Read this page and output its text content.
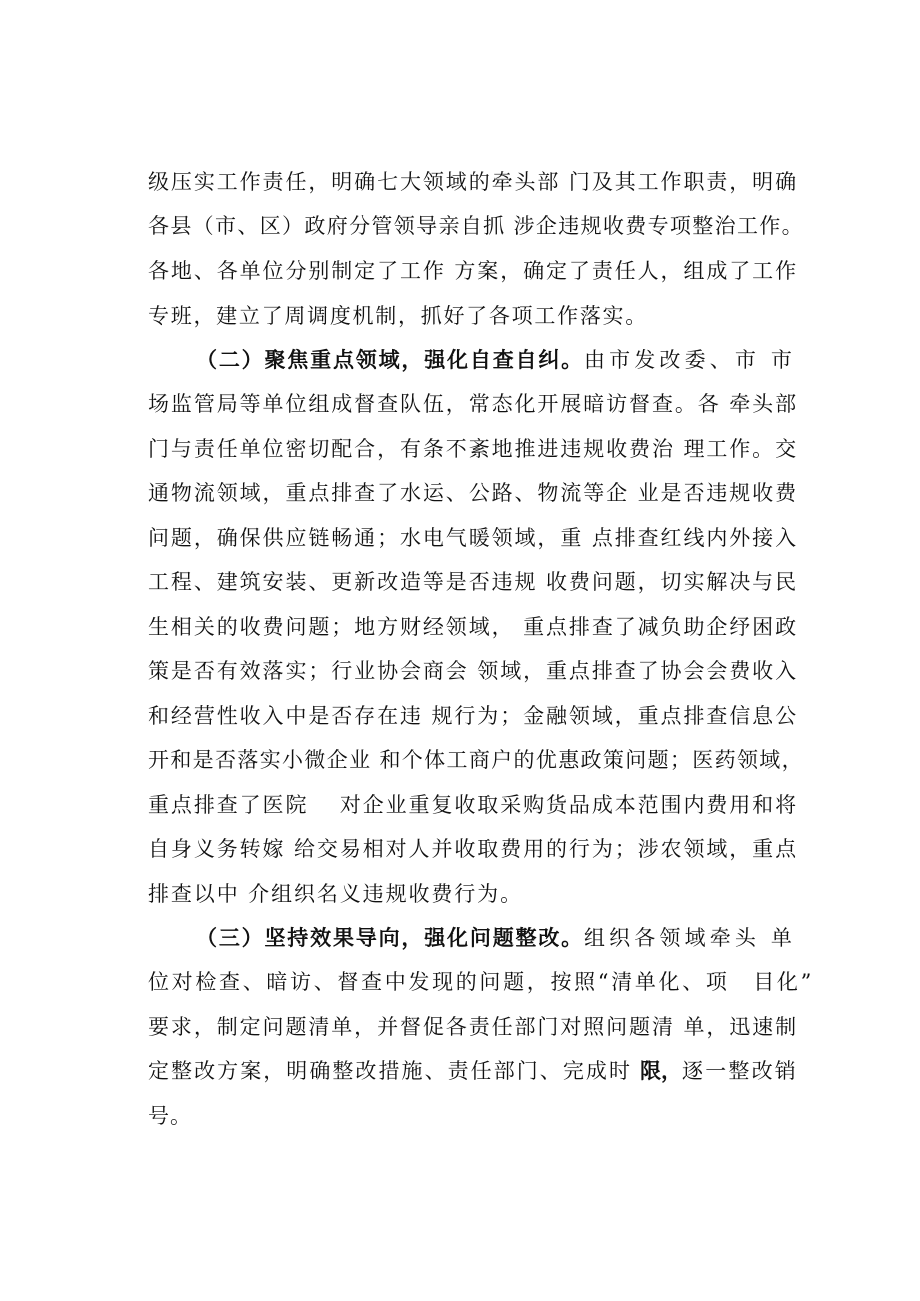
级压实工作责任，明确七大领域的牵头部 门及其工作职责，明确
各县（市、区）政府分管领导亲自抓 涉企违规收费专项整治工作。
各地、各单位分别制定了工作 方案，确定了责任人，组成了工作
专班，建立了周调度机制，抓好了各项工作落实。
（二）聚焦重点领域，强化自查自纠。由市发改委、市 市
场监管局等单位组成督查队伍，常态化开展暗访督查。各 牵头部
门与责任单位密切配合，有条不紊地推进违规收费治 理工作。交
通物流领域，重点排查了水运、公路、物流等企 业是否违规收费
问题，确保供应链畅通；水电气暖领域，重 点排查红线内外接入
工程、建筑安装、更新改造等是否违规 收费问题，切实解决与民
生相关的收费问题；地方财经领域， 重点排查了减负助企纾困政
策是否有效落实；行业协会商会 领域，重点排查了协会会费收入
和经营性收入中是否存在违 规行为；金融领域，重点排查信息公
开和是否落实小微企业 和个体工商户的优惠政策问题；医药领域，
重点排查了医院　 对企业重复收取采购货品成本范围内费用和将
自身义务转嫁 给交易相对人并收取费用的行为；涉农领域，重点
排查以中 介组织名义违规收费行为。
（三）坚持效果导向，强化问题整改。组织各领域牵头 单
位对检查、暗访、督查中发现的问题，按照“清单化、项　目化”
要求，制定问题清单，并督促各责任部门对照问题清 单，迅速制
定整改方案，明确整改措施、责任部门、完成时 限，逐一整改销
号。
